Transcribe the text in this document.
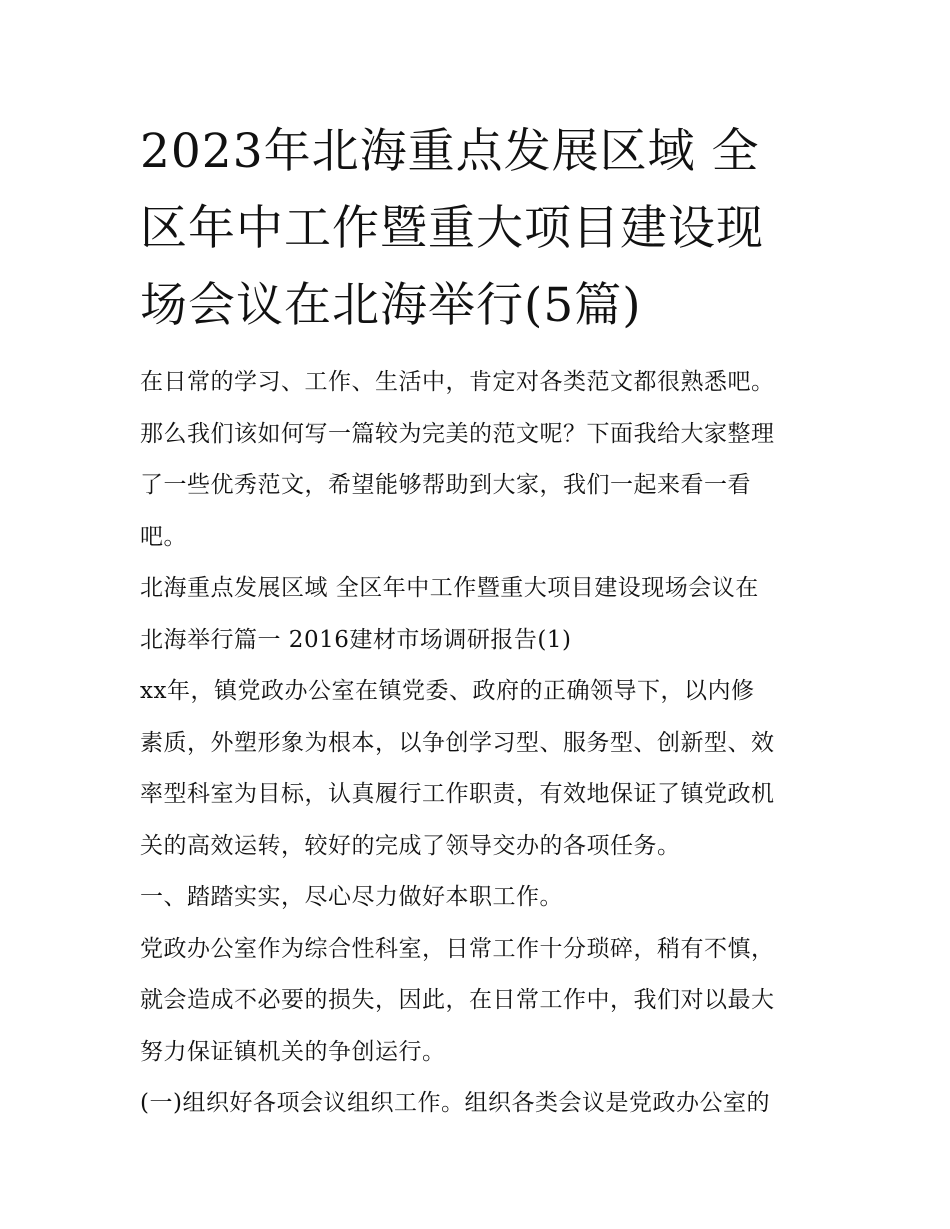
2023年北海重点发展区域 全
区年中工作暨重大项目建设现
场会议在北海举行(5篇)

在日常的学习、工作、生活中，肯定对各类范文都很熟悉吧。

那么我们该如何写一篇较为完美的范文呢？下面我给大家整理

了一些优秀范文，希望能够帮助到大家，我们一起来看一看

吧。

北海重点发展区域 全区年中工作暨重大项目建设现场会议在

北海举行篇一 2016建材市场调研报告(1)

xx年，镇党政办公室在镇党委、政府的正确领导下，以内修

素质，外塑形象为根本，以争创学习型、服务型、创新型、效

率型科室为目标，认真履行工作职责，有效地保证了镇党政机

关的高效运转，较好的完成了领导交办的各项任务。

一、踏踏实实，尽心尽力做好本职工作。

党政办公室作为综合性科室，日常工作十分琐碎，稍有不慎，

就会造成不必要的损失，因此，在日常工作中，我们对以最大

努力保证镇机关的争创运行。

(一)组织好各项会议组织工作。组织各类会议是党政办公室的
